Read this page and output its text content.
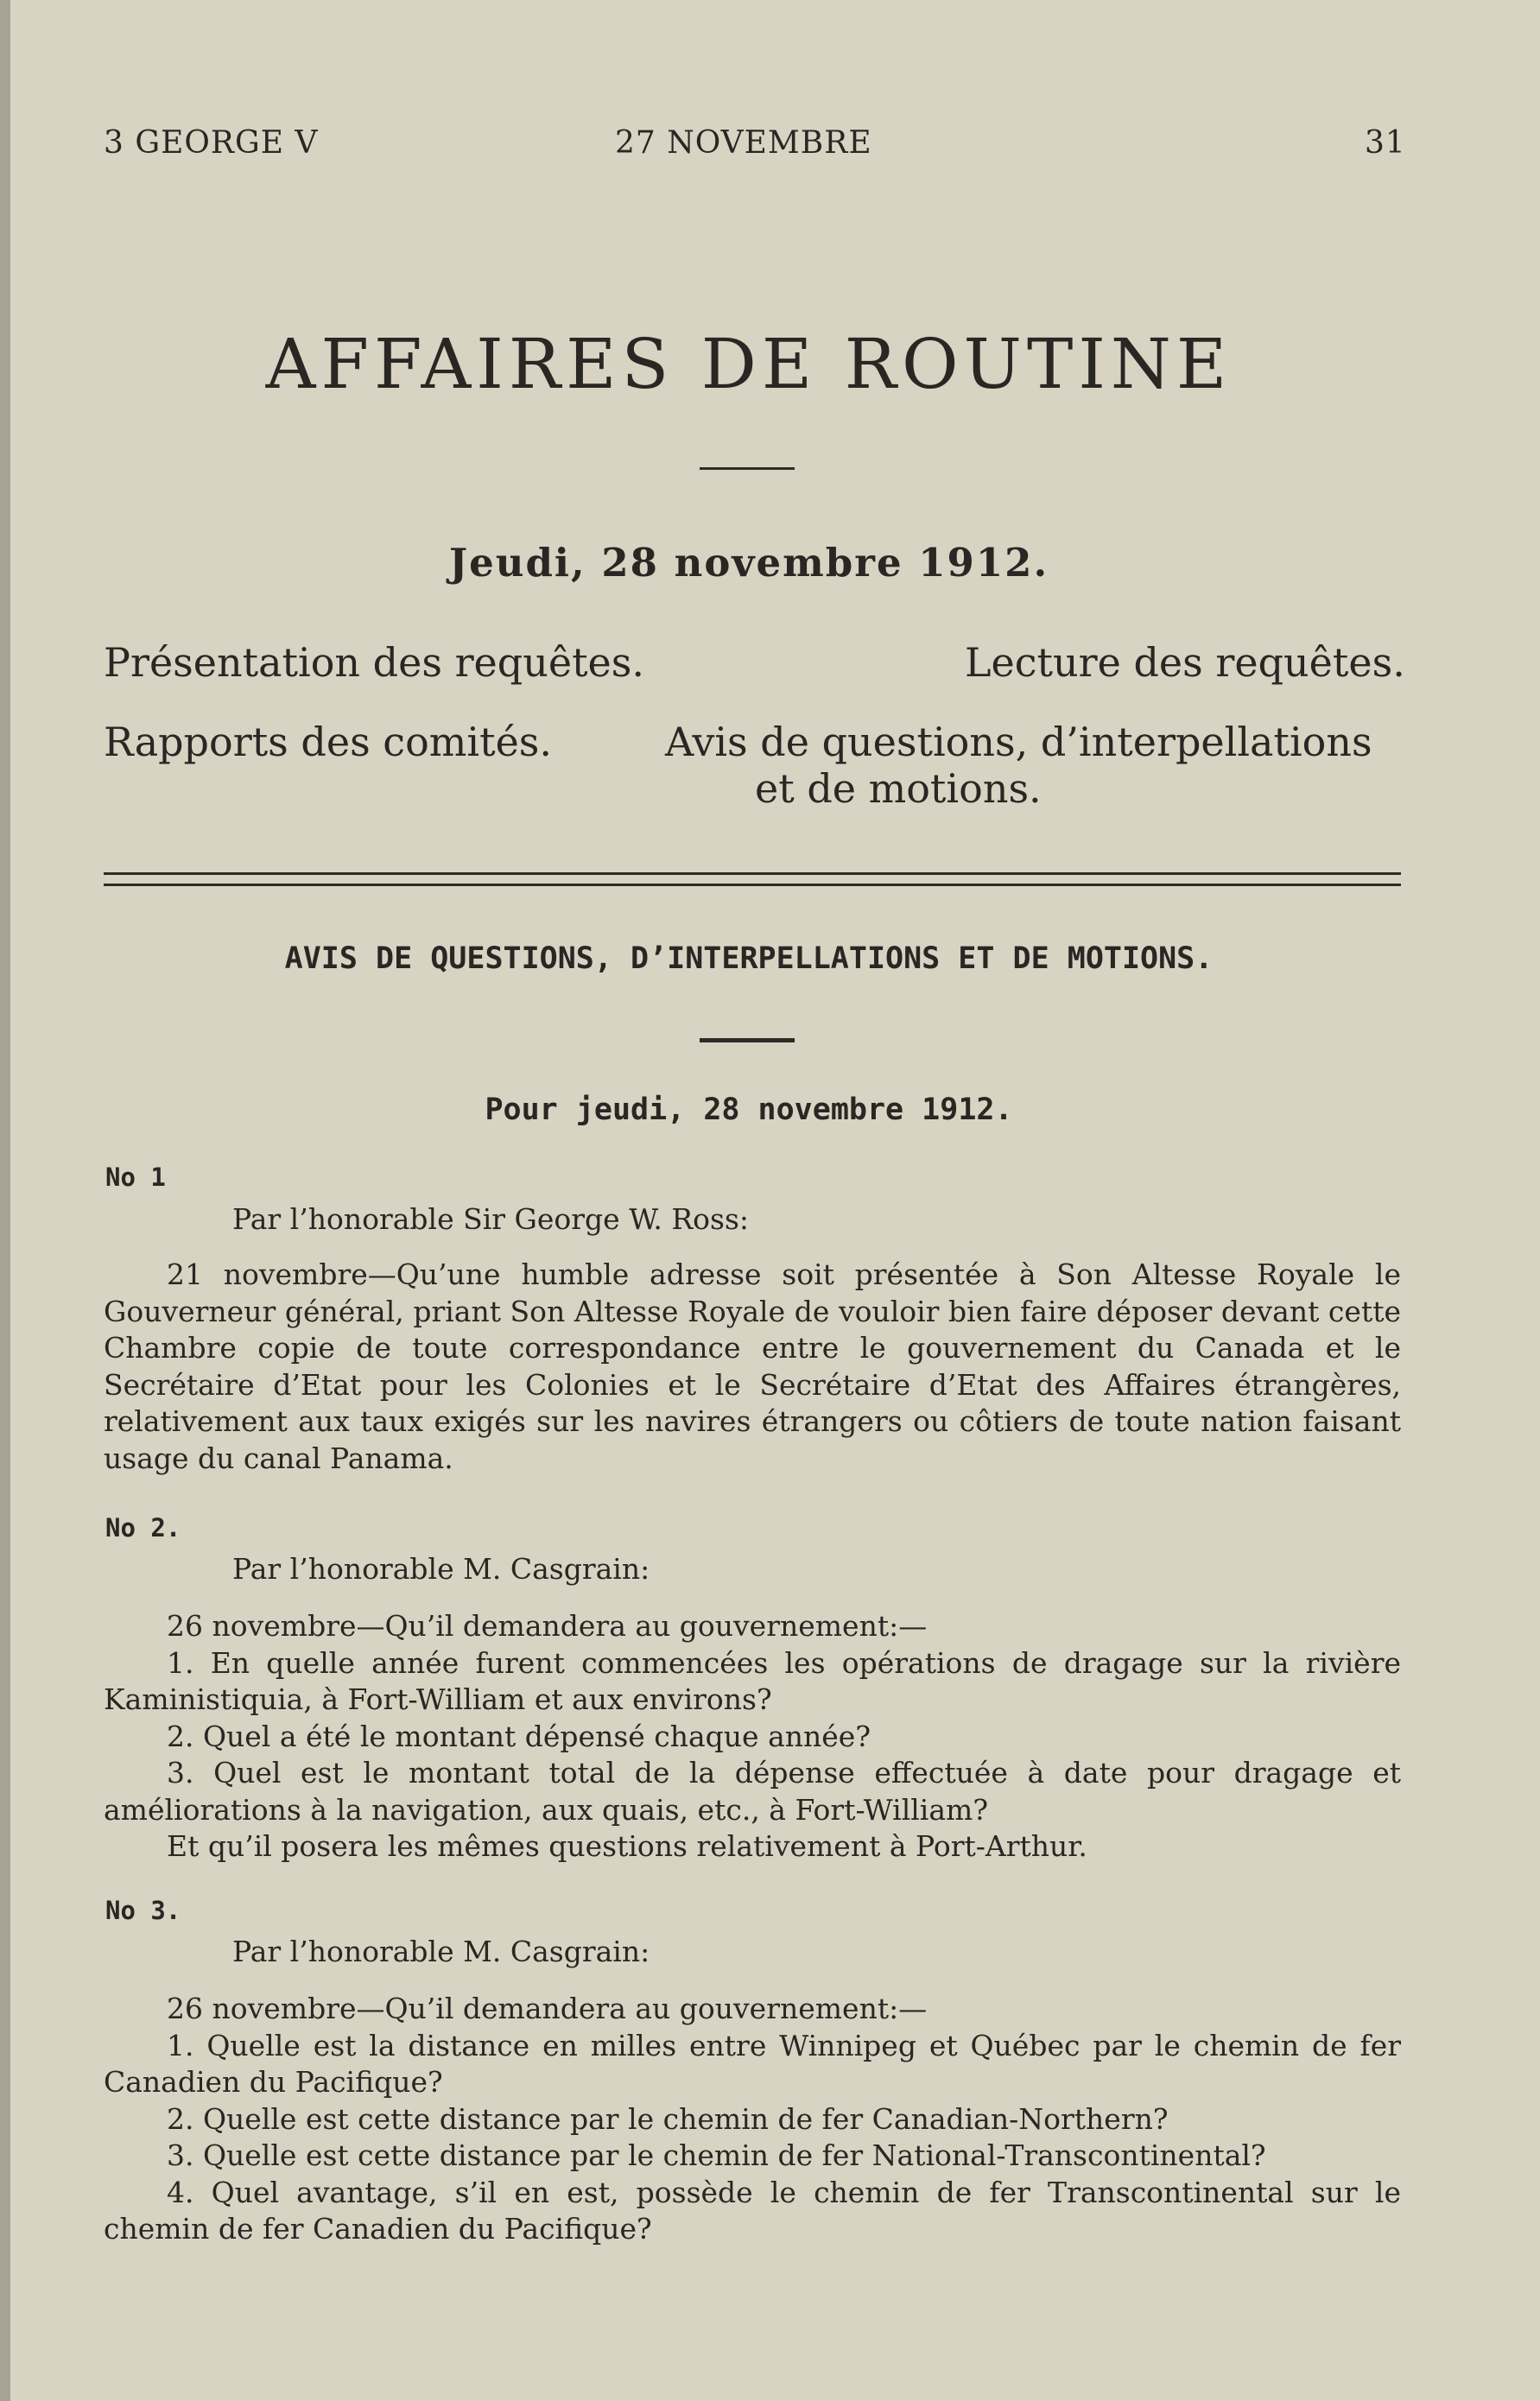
3 GEORGE V	27 NOVEMBRE	31
AFFAIRES DE ROUTINE
Jeudi, 28 novembre 1912.
Présentation des requêtes.	Lecture des requêtes.
Rapports des comités.	Avis de questions, d’interpellations
et de motions.
AVIS DE QUESTIONS, D’INTERPELLATIONS ET DE MOTIONS.
Pour jeudi, 28 novembre 1912.
No 1
Par l’honorable Sir George W. Ross:

21 novembre—Qu’une humble adresse soit présentée à Son Altesse Royale le Gouverneur général, priant Son Altesse Royale de vouloir bien faire déposer devant cette Chambre copie de toute correspondance entre le gouvernement du Canada et le Secrétaire d’Etat pour les Colonies et le Secrétaire d’Etat des Affaires étrangères, relativement aux taux exigés sur les navires étrangers ou côtiers de toute nation faisant usage du canal Panama.

No 2.
Par l’honorable M. Casgrain:

26 novembre—Qu’il demandera au gouvernement:—

1. En quelle année furent commencées les opérations de dragage sur la rivière Kaministiquia, à Fort-William et aux environs?

2. Quel a été le montant dépensé chaque année?

3. Quel est le montant total de la dépense effectuée à date pour dragage et améliorations à la navigation, aux quais, etc., à Fort-William?

Et qu’il posera les mêmes questions relativement à Port-Arthur.

No 3.
Par l’honorable M. Casgrain:

26 novembre—Qu’il demandera au gouvernement:—

1. Quelle est la distance en milles entre Winnipeg et Québec par le chemin de fer Canadien du Pacifique?

2. Quelle est cette distance par le chemin de fer Canadian-Northern?

3. Quelle est cette distance par le chemin de fer National-Transcontinental?

4. Quel avantage, s’il en est, possède le chemin de fer Transcontinental sur le chemin de fer Canadien du Pacifique?
